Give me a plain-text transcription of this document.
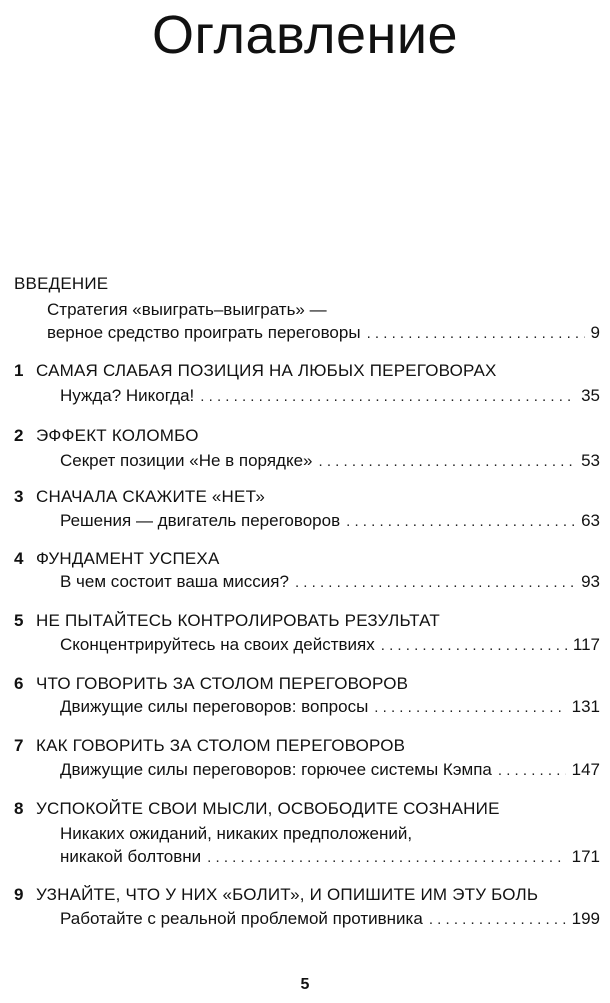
Оглавление
ВВЕДЕНИЕ
Стратегия «выиграть–выиграть» —
верное средство проиграть переговоры . . .	9
1 САМАЯ СЛАБАЯ ПОЗИЦИЯ НА ЛЮБЫХ ПЕРЕГОВОРАХ
Нужда? Никогда! . . .	35
2 ЭФФЕКТ КОЛОМБО
Секрет позиции «Не в порядке» . . .	53
3 СНАЧАЛА СКАЖИТЕ «НЕТ»
Решения — двигатель переговоров . . .	63
4 ФУНДАМЕНТ УСПЕХА
В чем состоит ваша миссия? . . .	93
5 НЕ ПЫТАЙТЕСЬ КОНТРОЛИРОВАТЬ РЕЗУЛЬТАТ
Сконцентрируйтесь на своих действиях . . .	117
6 ЧТО ГОВОРИТЬ ЗА СТОЛОМ ПЕРЕГОВОРОВ
Движущие силы переговоров: вопросы . . .	131
7 КАК ГОВОРИТЬ ЗА СТОЛОМ ПЕРЕГОВОРОВ
Движущие силы переговоров: горючее системы Кэмпа . . .	147
8 УСПОКОЙТЕ СВОИ МЫСЛИ, ОСВОБОДИТЕ СОЗНАНИЕ
Никаких ожиданий, никаких предположений,
никакой болтовни . . .	171
9 УЗНАЙТЕ, ЧТО У НИХ «БОЛИТ», И ОПИШИТЕ ИМ ЭТУ БОЛЬ
Работайте с реальной проблемой противника . . .	199
5
